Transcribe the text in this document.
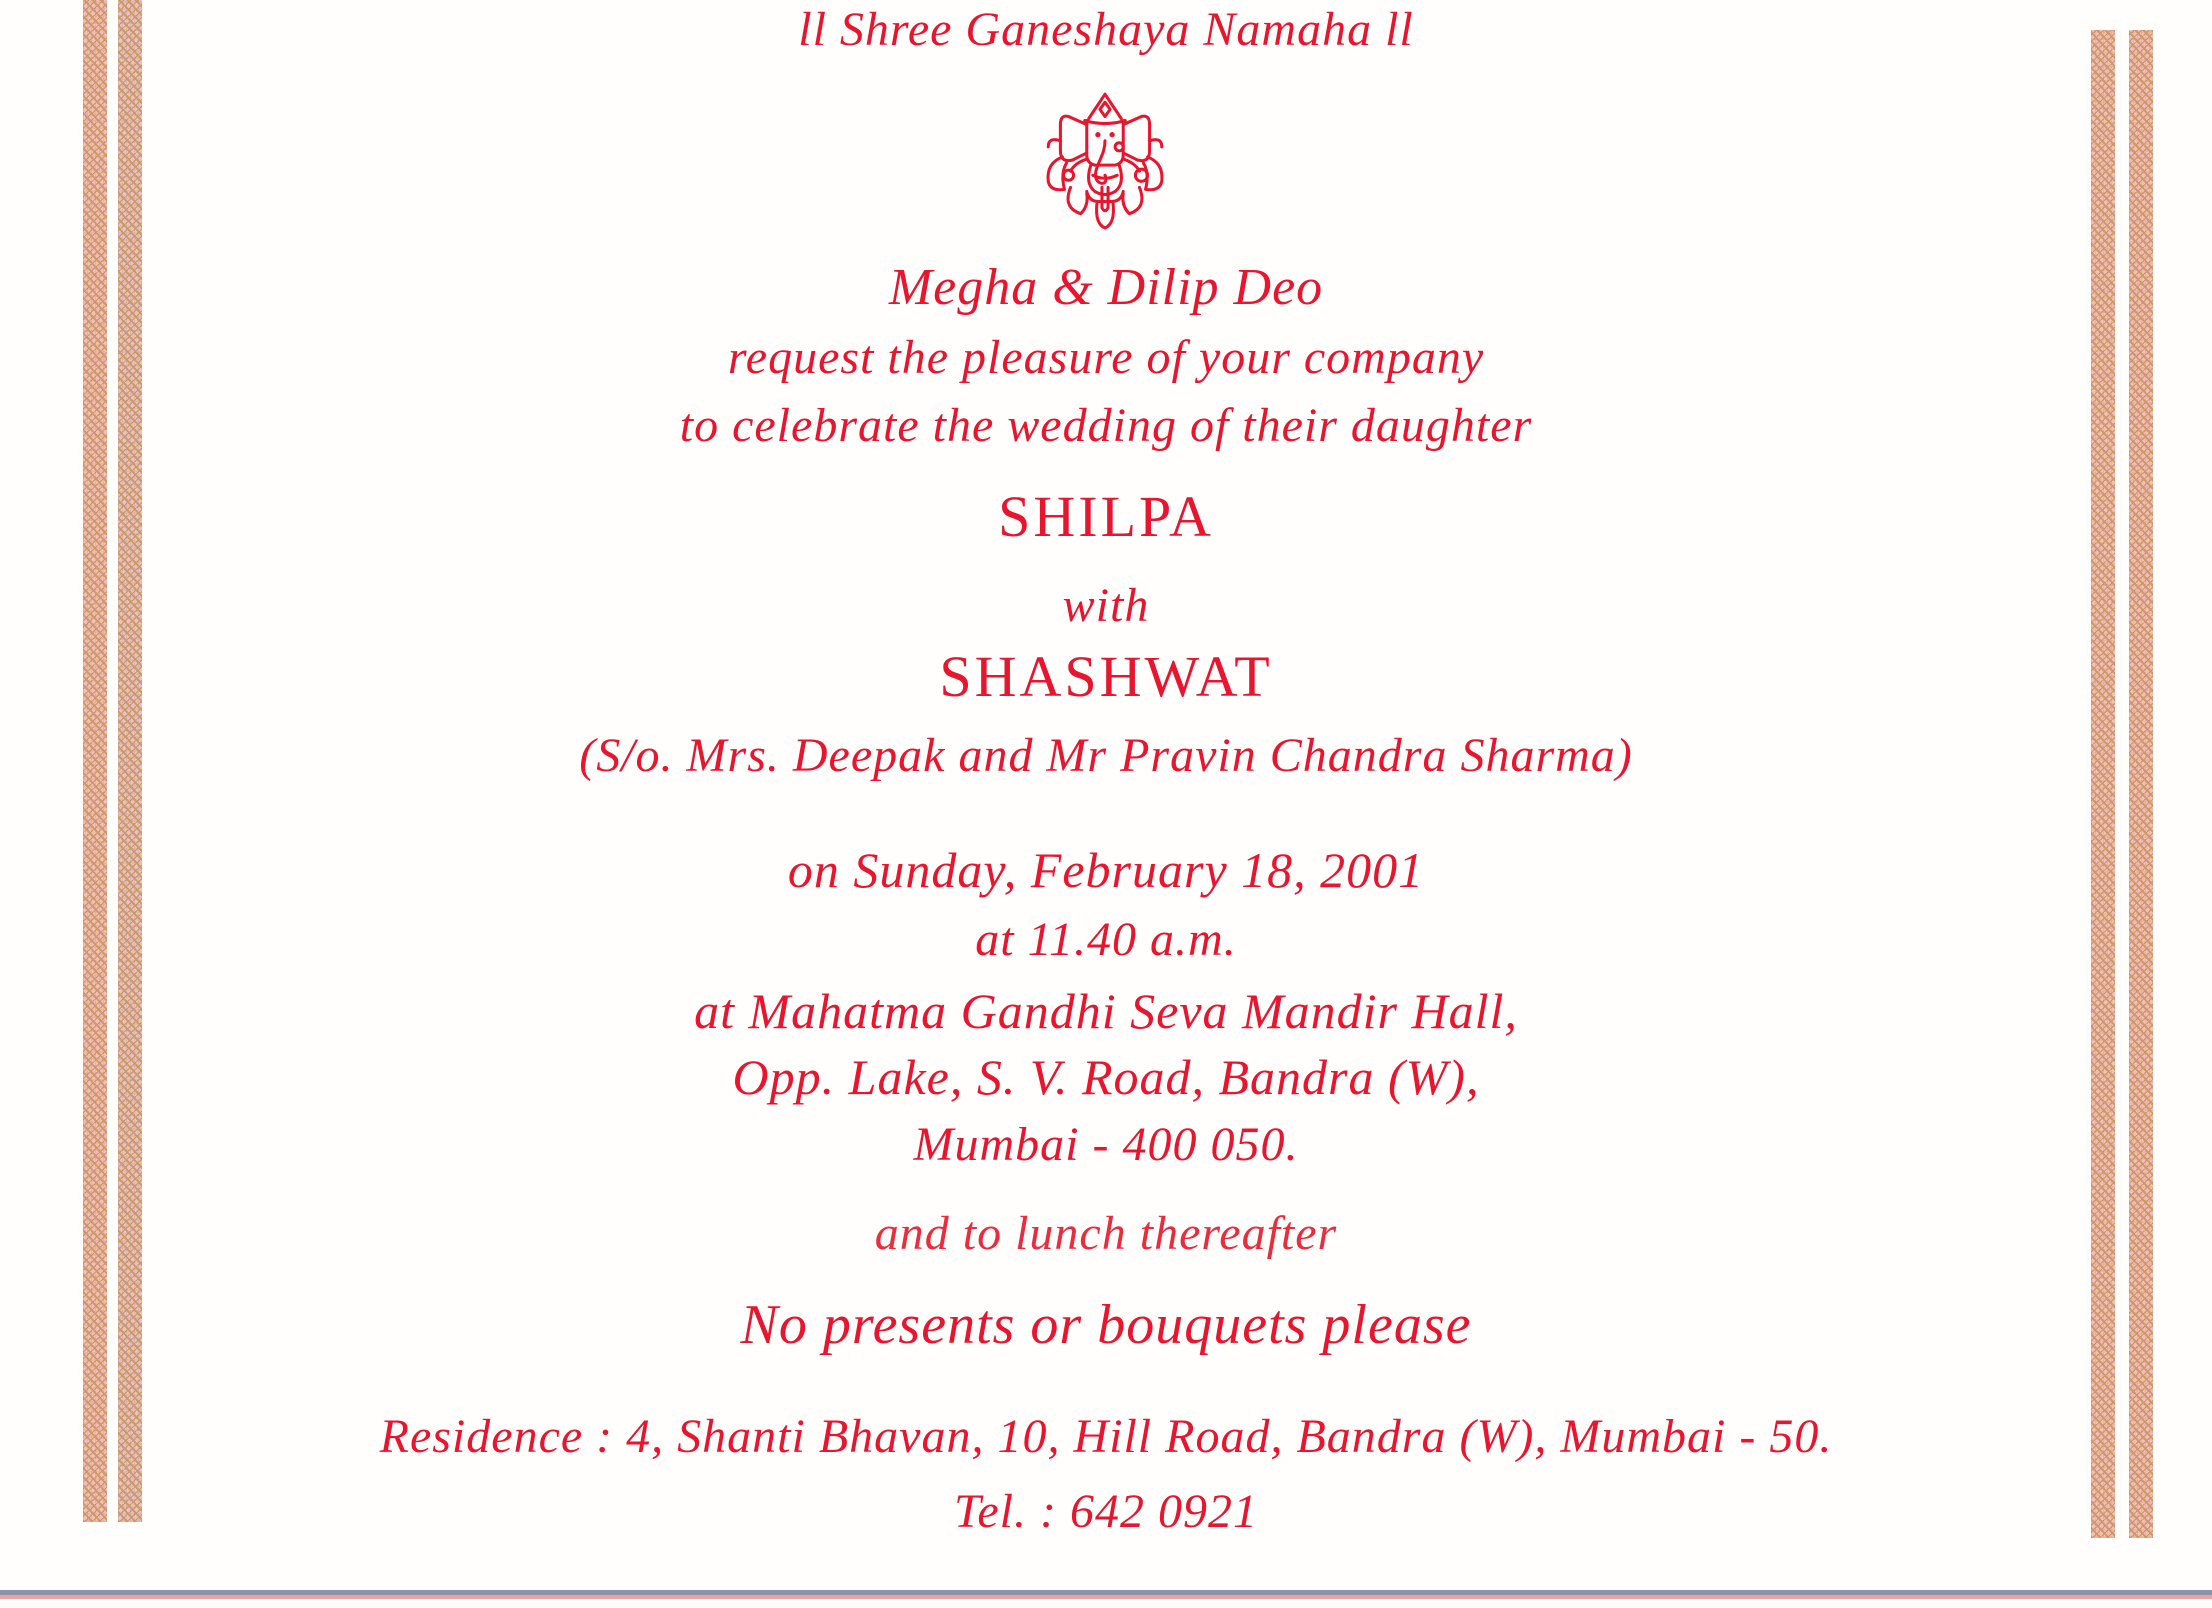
ll Shree Ganeshaya Namaha ll
Megha & Dilip Deo
request the pleasure of your company
to celebrate the wedding of their daughter
SHILPA
with
SHASHWAT
(S/o. Mrs. Deepak and Mr Pravin Chandra Sharma)
on Sunday, February 18, 2001
at 11.40 a.m.
at Mahatma Gandhi Seva Mandir Hall,
Opp. Lake, S. V. Road, Bandra (W),
Mumbai - 400 050.
and to lunch thereafter
No presents or bouquets please
Residence : 4, Shanti Bhavan, 10, Hill Road, Bandra (W), Mumbai - 50.
Tel. : 642 0921
